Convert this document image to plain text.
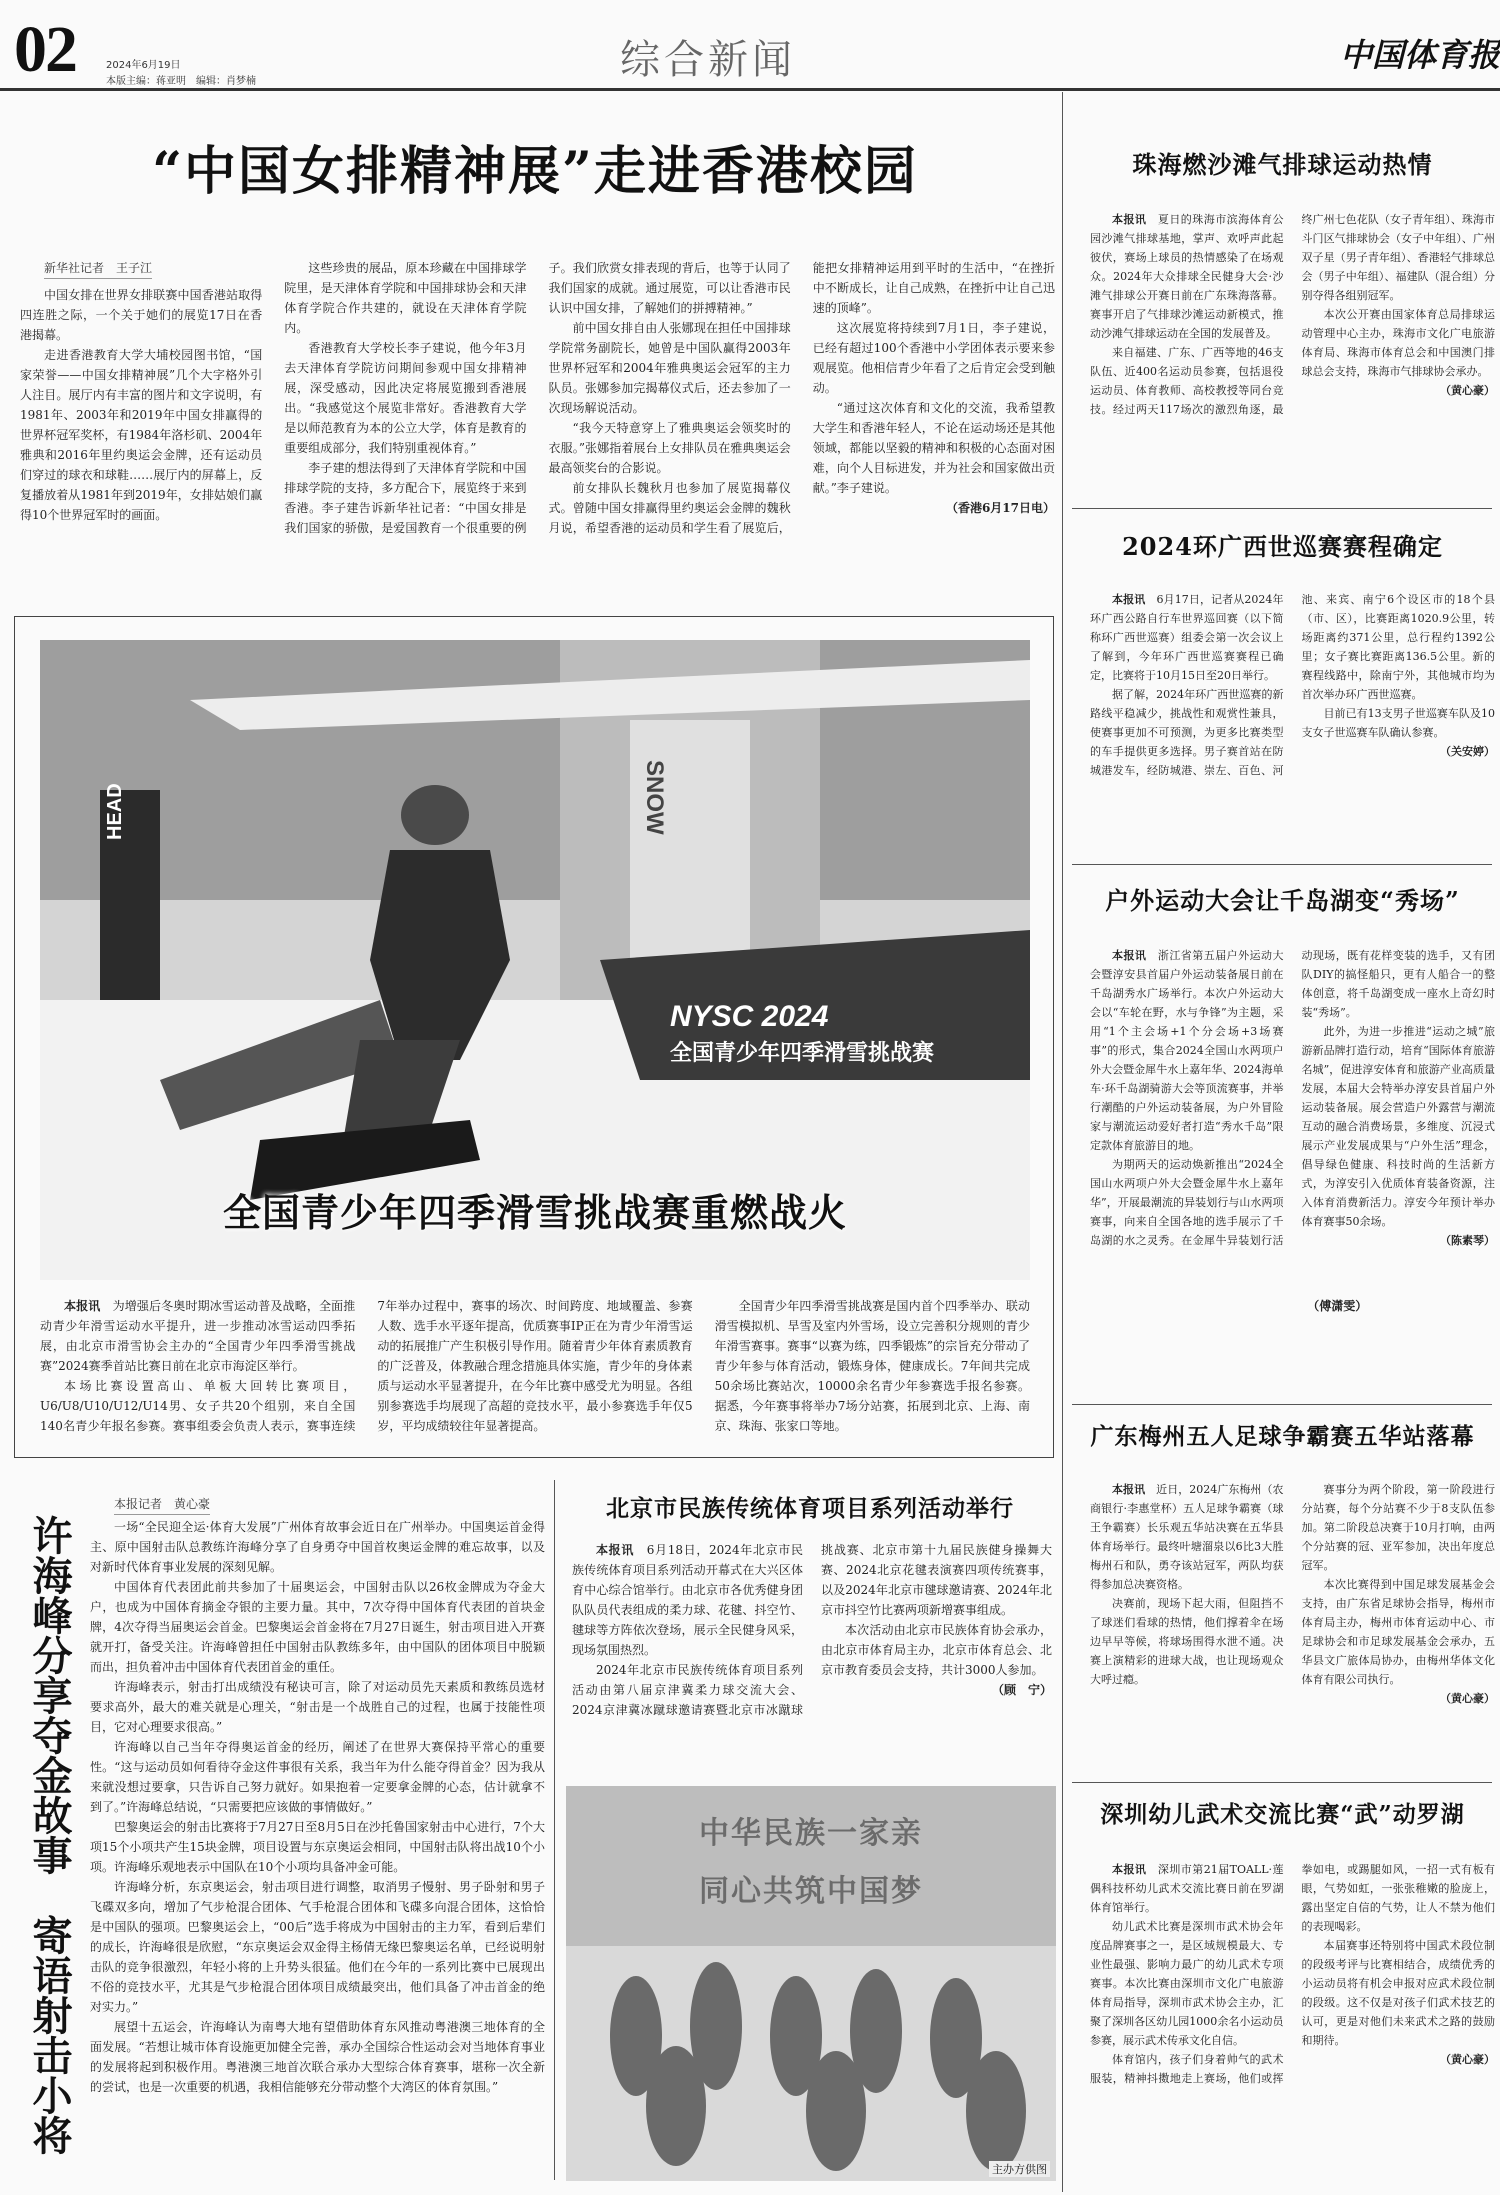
02	2024年6月19日
本版主编：蒋亚明　编辑：肖梦楠	综合新闻	中国体育报
“中国女排精神展”走进香港校园
新华社记者　王子江

中国女排在世界女排联赛中国香港站取得四连胜之际，一个关于她们的展览17日在香港揭幕。

走进香港教育大学大埔校园图书馆，“国家荣誉——中国女排精神展”几个大字格外引人注目。展厅内有丰富的图片和文字说明，有1981年、2003年和2019年中国女排赢得的世界杯冠军奖杯，有1984年洛杉矶、2004年雅典和2016年里约奥运会金牌，还有运动员们穿过的球衣和球鞋……展厅内的屏幕上，反复播放着从1981年到2019年，女排姑娘们赢得10个世界冠军时的画面。

这些珍贵的展品，原本珍藏在中国排球学院里，是天津体育学院和中国排球协会和天津体育学院合作共建的，就设在天津体育学院内。

香港教育大学校长李子建说，他今年3月去天津体育学院访问期间参观中国女排精神展，深受感动，因此决定将展览搬到香港展出。“我感觉这个展览非常好。香港教育大学是以师范教育为本的公立大学，体育是教育的重要组成部分，我们特别重视体育。”

李子建的想法得到了天津体育学院和中国排球学院的支持，多方配合下，展览终于来到香港。李子建告诉新华社记者：“中国女排是我们国家的骄傲，是爱国教育一个很重要的例子。我们欣赏女排表现的背后，也等于认同了我们国家的成就。通过展览，可以让香港市民认识中国女排，了解她们的拼搏精神。”

前中国女排自由人张娜现在担任中国排球学院常务副院长，她曾是中国队赢得2003年世界杯冠军和2004年雅典奥运会冠军的主力队员。张娜参加完揭幕仪式后，还去参加了一次现场解说活动。

“我今天特意穿上了雅典奥运会领奖时的衣服。”张娜指着展台上女排队员在雅典奥运会最高领奖台的合影说。

前女排队长魏秋月也参加了展览揭幕仪式。曾随中国女排赢得里约奥运会金牌的魏秋月说，希望香港的运动员和学生看了展览后，能把女排精神运用到平时的生活中，“在挫折中不断成长，让自己成熟，在挫折中让自己迅速的顶峰”。

这次展览将持续到7月1日，李子建说，已经有超过100个香港中小学团体表示要来参观展览。他相信青少年看了之后肯定会受到触动。

“通过这次体育和文化的交流，我希望教大学生和香港年轻人，不论在运动场还是其他领域，都能以坚毅的精神和积极的心态面对困难，向个人目标进发，并为社会和国家做出贡献。”李子建说。

（香港6月17日电）

NYSC 2024
全国青少年四季滑雪挑战赛
HEAD	SNOW
全国青少年四季滑雪挑战赛重燃战火

本报讯　 为增强后冬奥时期冰雪运动普及战略，全面推动青少年滑雪运动水平提升，进一步推动冰雪运动四季拓展，由北京市滑雪协会主办的“全国青少年四季滑雪挑战赛”2024赛季首站比赛日前在北京市海淀区举行。

本场比赛设置高山、单板大回转比赛项目，U6/U8/U10/U12/U14男、女子共20个组别，来自全国140名青少年报名参赛。赛事组委会负责人表示，赛事连续7年举办过程中，赛事的场次、时间跨度、地域覆盖、参赛人数、选手水平逐年提高，优质赛事IP正在为青少年滑雪运动的拓展推广产生积极引导作用。随着青少年体育素质教育的广泛普及，体教融合理念措施具体实施，青少年的身体素质与运动水平显著提升，在今年比赛中感受尤为明显。各组别参赛选手均展现了高超的竞技水平，最小参赛选手年仅5岁，平均成绩较往年显著提高。

全国青少年四季滑雪挑战赛是国内首个四季举办、联动滑雪模拟机、旱雪及室内外雪场，设立完善积分规则的青少年滑雪赛事。赛事“以赛为练，四季锻炼”的宗旨充分带动了青少年参与体育活动，锻炼身体，健康成长。7年间共完成50余场比赛站次，10000余名青少年参赛选手报名参赛。据悉，今年赛事将举办7场分站赛，拓展到北京、上海、南京、珠海、张家口等地。

（傅潇雯）

许海峰分享夺金故事　寄语射击小将
本报记者　黄心豪

一场“全民迎全运·体育大发展”广州体育故事会近日在广州举办。中国奥运首金得主、原中国射击队总教练许海峰分享了自身勇夺中国首枚奥运金牌的难忘故事，以及对新时代体育事业发展的深刻见解。

中国体育代表团此前共参加了十届奥运会，中国射击队以26枚金牌成为夺金大户，也成为中国体育摘金夺银的主要力量。其中，7次夺得中国体育代表团的首块金牌，4次夺得当届奥运会首金。巴黎奥运会首金将在7月27日诞生，射击项目进入开赛就开打，备受关注。许海峰曾担任中国射击队教练多年，由中国队的团体项目中脱颖而出，担负着冲击中国体育代表团首金的重任。

许海峰表示，射击打出成绩没有秘诀可言，除了对运动员先天素质和教练员选材要求高外，最大的难关就是心理关，“射击是一个战胜自己的过程，也属于技能性项目，它对心理要求很高。”

许海峰以自己当年夺得奥运首金的经历，阐述了在世界大赛保持平常心的重要性。“这与运动员如何看待夺金这件事很有关系，我当年为什么能夺得首金？因为我从来就没想过要拿，只告诉自己努力就好。如果抱着一定要拿金牌的心态，估计就拿不到了。”许海峰总结说，“只需要把应该做的事情做好。”

巴黎奥运会的射击比赛将于7月27日至8月5日在沙托鲁国家射击中心进行，7个大项15个小项共产生15块金牌，项目设置与东京奥运会相同，中国射击队将出战10个小项。许海峰乐观地表示中国队在10个小项均具备冲金可能。

许海峰分析，东京奥运会，射击项目进行调整，取消男子慢射、男子卧射和男子飞碟双多向，增加了气步枪混合团体、气手枪混合团体和飞碟多向混合团体，这恰恰是中国队的强项。巴黎奥运会上，“00后”选手将成为中国射击的主力军，看到后辈们的成长，许海峰很是欣慰，“东京奥运会双金得主杨倩无缘巴黎奥运名单，已经说明射击队的竞争很激烈，年轻小将的上升势头很猛。他们在今年的一系列比赛中已展现出不俗的竞技水平，尤其是气步枪混合团体项目成绩最突出，他们具备了冲击首金的绝对实力。”

展望十五运会，许海峰认为南粤大地有望借助体育东风推动粤港澳三地体育的全面发展。“若想让城市体育设施更加健全完善，承办全国综合性运动会对当地体育事业的发展将起到积极作用。粤港澳三地首次联合承办大型综合体育赛事，堪称一次全新的尝试，也是一次重要的机遇，我相信能够充分带动整个大湾区的体育氛围。”

北京市民族传统体育项目系列活动举行

本报讯　 6月18日，2024年北京市民族传统体育项目系列活动开幕式在大兴区体育中心综合馆举行。由北京市各优秀健身团队队员代表组成的柔力球、花毽、抖空竹、毽球等方阵依次登场，展示全民健身风采，现场氛围热烈。

2024年北京市民族传统体育项目系列活动由第八届京津冀柔力球交流大会、2024京津冀冰蹴球邀请赛暨北京市冰蹴球挑战赛、北京市第十九届民族健身操舞大赛、2024北京花毽表演赛四项传统赛事，以及2024年北京市毽球邀请赛、2024年北京市抖空竹比赛两项新增赛事组成。

本次活动由北京市民族体育协会承办，由北京市体育局主办，北京市体育总会、北京市教育委员会支持，共计3000人参加。

（顾　宁）

中华民族一家亲
同心共筑中国梦
主办方供图
珠海燃沙滩气排球运动热情

本报讯　 夏日的珠海市滨海体育公园沙滩气排球基地，掌声、欢呼声此起彼伏，赛场上球员的热情感染了在场观众。2024年大众排球全民健身大会·沙滩气排球公开赛日前在广东珠海落幕。赛事开启了气排球沙滩运动新模式，推动沙滩气排球运动在全国的发展普及。

来自福建、广东、广西等地的46支队伍、近400名运动员参赛，包括退役运动员、体育教师、高校教授等同台竞技。经过两天117场次的激烈角逐，最终广州七色花队（女子青年组）、珠海市斗门区气排球协会（女子中年组）、广州双子星（男子青年组）、香港轻气排球总会（男子中年组）、福建队（混合组）分别夺得各组别冠军。

本次公开赛由国家体育总局排球运动管理中心主办，珠海市文化广电旅游体育局、珠海市体育总会和中国澳门排球总会支持，珠海市气排球协会承办。

（黄心豪）

2024环广西世巡赛赛程确定

本报讯　 6月17日，记者从2024年环广西公路自行车世界巡回赛（以下简称环广西世巡赛）组委会第一次会议上了解到，今年环广西世巡赛赛程已确定，比赛将于10月15日至20日举行。

据了解，2024年环广西世巡赛的新路线平稳减少，挑战性和观赏性兼具，使赛事更加不可预测，为更多比赛类型的车手提供更多选择。男子赛首站在防城港发车，经防城港、崇左、百色、河池、来宾、南宁6个设区市的18个县（市、区），比赛距离1020.9公里，转场距离约371公里，总行程约1392公里；女子赛比赛距离136.5公里。新的赛程线路中，除南宁外，其他城市均为首次举办环广西世巡赛。

目前已有13支男子世巡赛车队及10支女子世巡赛车队确认参赛。

（关安婷）

户外运动大会让千岛湖变“秀场”

本报讯　 浙江省第五届户外运动大会暨淳安县首届户外运动装备展日前在千岛湖秀水广场举行。本次户外运动大会以“车轮在野，水与争锋”为主题，采用“1个主会场+1个分会场+3场赛事”的形式，集合2024全国山水两项户外大会暨金犀牛水上嘉年华、2024海单车·环千岛湖骑游大会等顶流赛事，并举行潮酷的户外运动装备展，为户外冒险家与潮流运动爱好者打造“秀水千岛”限定款体育旅游目的地。

为期两天的运动焕新推出“2024全国山水两项户外大会暨金犀牛水上嘉年华”，开展最潮流的异装划行与山水两项赛事，向来自全国各地的选手展示了千岛湖的水之灵秀。在金犀牛异装划行活动现场，既有花样变装的选手，又有团队DIY的搞怪船只，更有人船合一的整体创意，将千岛湖变成一座水上奇幻时装“秀场”。

此外，为进一步推进“运动之城”旅游新品牌打造行动，培育“国际体育旅游名城”，促进淳安体育和旅游产业高质量发展，本届大会特举办淳安县首届户外运动装备展。展会营造户外露营与潮流互动的融合消费场景，多维度、沉浸式展示产业发展成果与“户外生活”理念，倡导绿色健康、科技时尚的生活新方式，为淳安引入优质体育装备资源，注入体育消费新活力。淳安今年预计举办体育赛事50余场。

（陈素琴）

广东梅州五人足球争霸赛五华站落幕

本报讯　 近日，2024广东梅州（农商银行·李惠堂杯）五人足球争霸赛（球王争霸赛）长乐观五华站决赛在五华县体育场举行。最终叶塘溜泉以6比3大胜梅州石和队，勇夺该站冠军，两队均获得参加总决赛资格。

决赛前，现场下起大雨，但阻挡不了球迷们看球的热情，他们撑着伞在场边早早等候，将球场围得水泄不通。决赛上演精彩的进球大战，也让现场观众大呼过瘾。

赛事分为两个阶段，第一阶段进行分站赛，每个分站赛不少于8支队伍参加。第二阶段总决赛于10月打响，由两个分站赛的冠、亚军参加，决出年度总冠军。

本次比赛得到中国足球发展基金会支持，由广东省足球协会指导，梅州市体育局主办，梅州市体育运动中心、市足球协会和市足球发展基金会承办，五华县文广旅体局协办，由梅州华体文化体育有限公司执行。

（黄心豪）

深圳幼儿武术交流比赛“武”动罗湖

本报讯　 深圳市第21届TOALL·莲偶科技杯幼儿武术交流比赛日前在罗湖体育馆举行。

幼儿武术比赛是深圳市武术协会年度品牌赛事之一，是区域规模最大、专业性最强、影响力最广的幼儿武术专项赛事。本次比赛由深圳市文化广电旅游体育局指导，深圳市武术协会主办，汇聚了深圳各区幼儿园1000余名小运动员参赛，展示武术传承文化自信。

体育馆内，孩子们身着帅气的武术服装，精神抖擞地走上赛场，他们或挥拳如电，或踢腿如风，一招一式有板有眼，气势如虹，一张张稚嫩的脸庞上，露出坚定自信的气势，让人不禁为他们的表现喝彩。

本届赛事还特别将中国武术段位制的段级考评与比赛相结合，成绩优秀的小运动员将有机会申报对应武术段位制的段级。这不仅是对孩子们武术技艺的认可，更是对他们未来武术之路的鼓励和期待。

（黄心豪）
